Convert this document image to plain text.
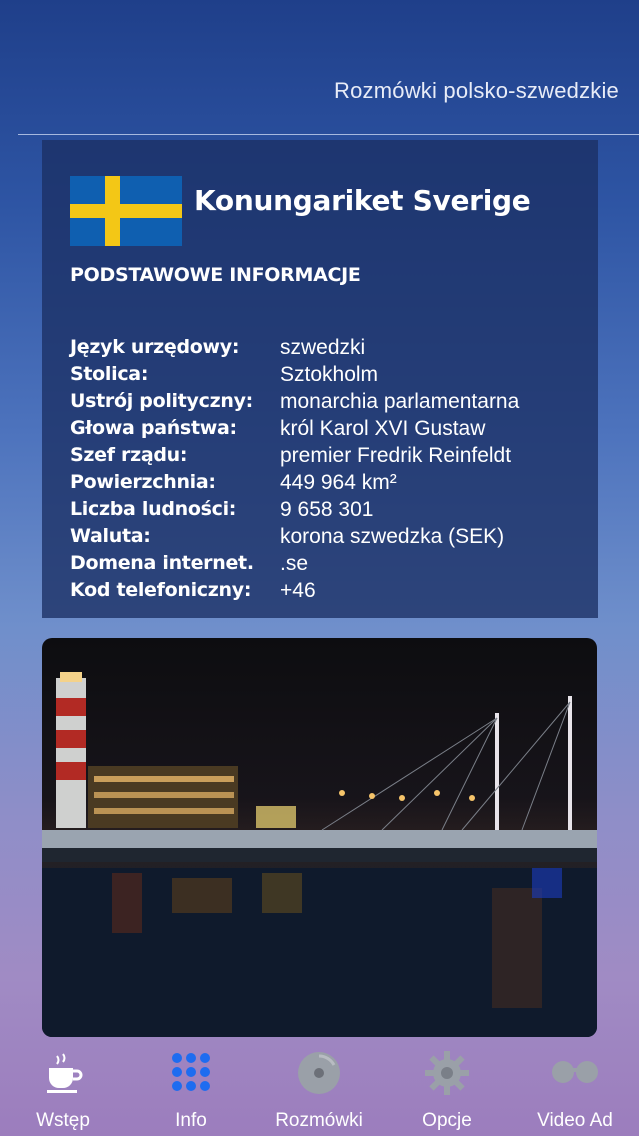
Rozmówki polsko-szwedzkie
Konungariket Sverige
PODSTAWOWE INFORMACJE
Język urzędowy: szwedzki
Stolica:	Sztokholm
Ustrój polityczny: monarchia parlamentarna
Głowa państwa: król Karol XVI Gustaw
Szef rządu:	premier Fredrik Reinfeldt
Powierzchnia:	449 964 km²
Liczba ludności: 9 658 301
Waluta:	korona szwedzka (SEK)
Domena internet. .se
Kod telefoniczny: +46
Wstęp	Info	Rozmówki	Opcje	Video Ad
